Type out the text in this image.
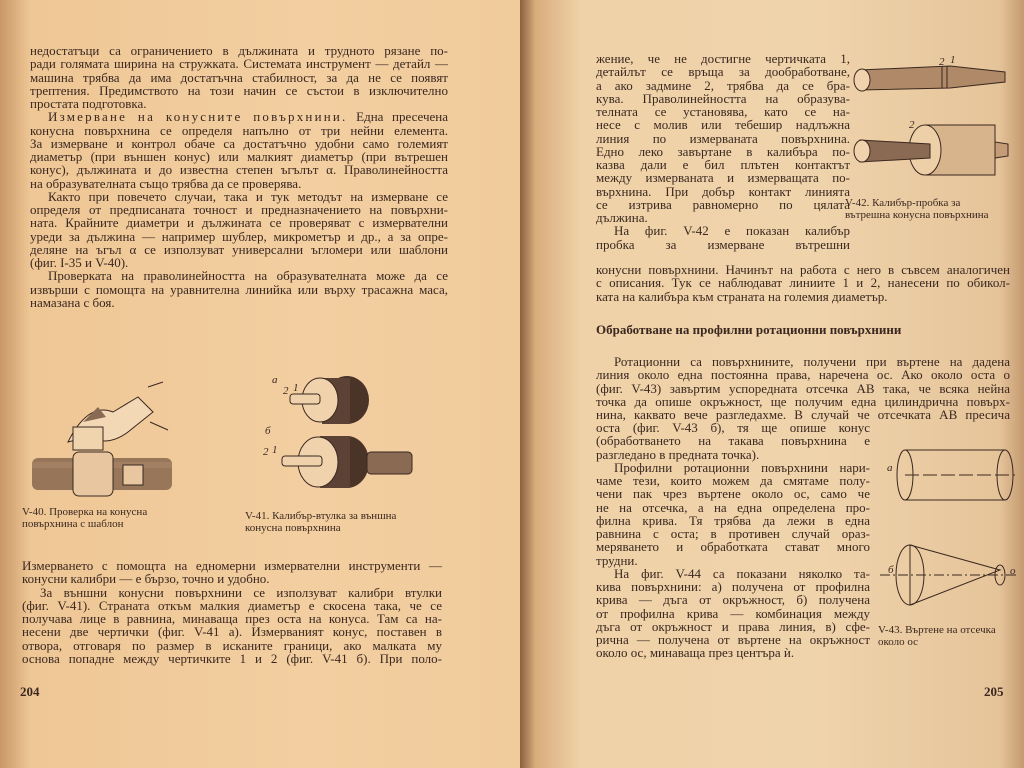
недостатъци са ограничението в дължината и трудното рязане по-
ради голямата ширина на стружката. Системата инструмент — детайл —
машина трябва да има достатъчна стабилност, за да не се появят
трептения. Предимството на този начин се състои в изключително
простата подготовка.
Измерване на конусните повърхнини. Една пресечена
конусна повърхнина се определя напълно от три нейни елемента.
За измерване и контрол обаче са достатъчно удобни само големият
диаметър (при външен конус) или малкият диаметър (при вътрешен
конус), дължината и до известна степен ъгълът α. Праволинейността
на образувателната също трябва да се проверява.
Както при повечето случаи, така и тук методът на измерване се
определя от предписаната точност и предназначението на повърхни-
ната. Крайните диаметри и дължината се проверяват с измервателни
уреди за дължина — например шублер, микрометър и др., а за опре-
деляне на ъгъл α се използуват универсални ъгломери или шаблони
(фиг. I-35 и V-40).
Проверката на праволинейността на образувателната може да се
извърши с помощта на уравнителна линийка или върху трасажна маса,
намазана с боя.
V-40. Проверка на конусна
повърхнина с шаблон
а
б
2 1
2 1
V-41. Калибър-втулка за външна
конусна повърхнина
Измерването с помощта на едномерни измервателни инструменти —
конусни калибри — е бързо, точно и удобно.
За външни конусни повърхнини се използуват калибри втулки
(фиг. V-41). Страната откъм малкия диаметър е скосена така, че се
получава лице в равнина, минаваща през оста на конуса. Там са на-
несени две чертички (фиг. V-41 а). Измерваният конус, поставен в
отвора, отговаря по размер в исканите граници, ако малката му
основа попадне между чертичките 1 и 2 (фиг. V-41 б). При поло-
204
жение, че не достигне чертичката 1,
детайлът се връща за дообработване,
а ако задмине 2, трябва да се бра-
кува. Праволинейността на образува-
телната се установява, като се на-
несе с молив или тебешир надлъжна
линия по измерваната повърхнина.
Едно леко завъртане в калибъра по-
казва дали е бил плътен контактът
между измерваната и измерващата по-
върхнина. При добър контакт линията
се изтрива равномерно по цялата
дължина.
На фиг. V-42 е показан калибър
пробка за измерване вътрешни
конусни повърхнини. Начинът на работа с него в съвсем аналогичен
с описания. Тук се наблюдават линиите 1 и 2, нанесени по обикол-
ката на калибъра към страната на големия диаметър.
2 1
2
V-42. Калибър-пробка за
вътрешна конусна повърхнина
Обработване на профилни ротационни повърхнини
Ротационни са повърхнините, получени при въртене на дадена
линия около една постоянна права, наречена ос. Ако около оста о
(фиг. V-43) завъртим успоредната отсечка AB така, че всяка нейна
точка да опише окръжност, ще получим една цилиндрична повърх-
нина, каквато вече разгледахме. В случай че отсечката AB пресича
оста (фиг. V-43 б), тя ще опише конус
(обработването на такава повърхнина е
разгледано в предната точка).
Профилни ротационни повърхнини нари-
чаме тези, които можем да смятаме полу-
чени пак чрез въртене около ос, само че
не на отсечка, а на една определена про-
филна крива. Тя трябва да лежи в една
равнина с оста; в противен случай ораз-
меряването и обработката стават много
трудни.
На фиг. V-44 са показани няколко та-
кива повърхнини: а) получена от профилна
крива — дъга от окръжност, б) получена
от профилна крива — комбинация между
дъга от окръжност и права линия, в) сфе-
рична — получена от въртене на окръжност
около ос, минаваща през центъра ѝ.
а
б	o
V-43. Въртене на отсечка
около ос
205
